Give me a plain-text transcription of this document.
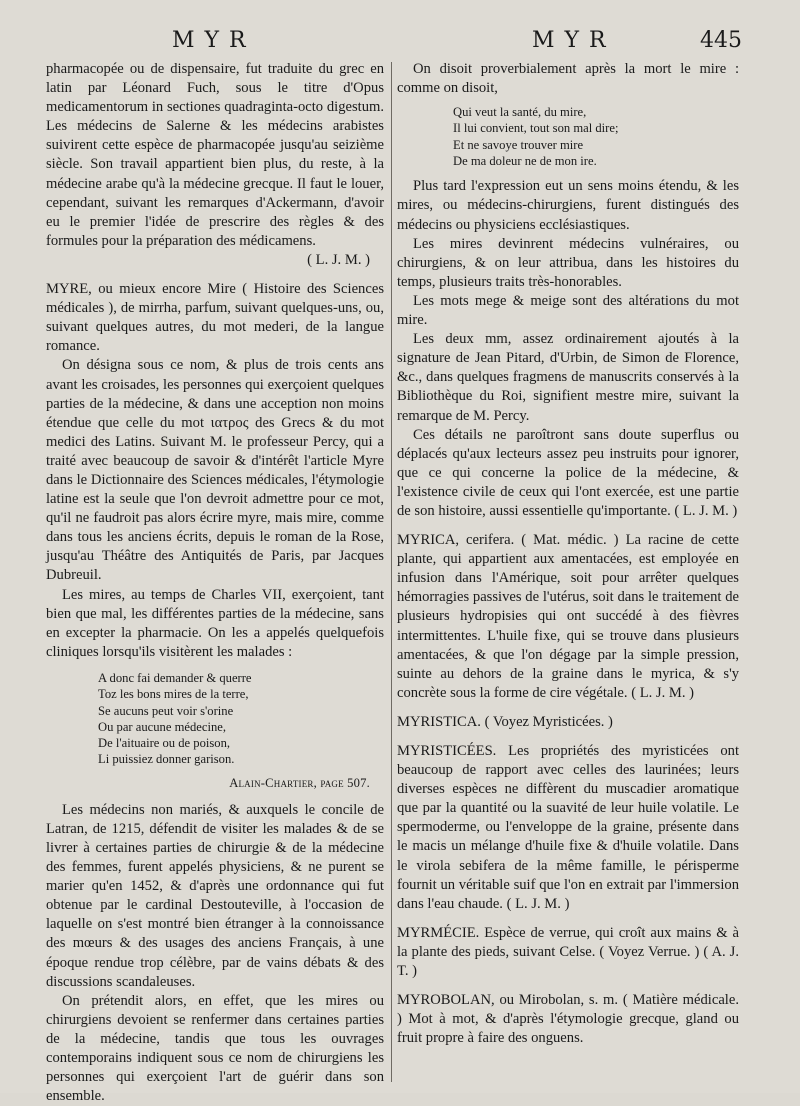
MYR	MYR	445

pharmacopée ou de dispensaire, fut traduite du grec en latin par Léonard Fuch, sous le titre d'Opus medicamentorum in sectiones quadraginta-octo digestum. Les médecins de Salerne & les médecins arabistes suivirent cette espèce de pharmacopée jusqu'au seizième siècle. Son travail appartient bien plus, du reste, à la médecine arabe qu'à la médecine grecque. Il faut le louer, cependant, suivant les remarques d'Ackermann, d'avoir eu le premier l'idée de prescrire des règles & des formules pour la préparation des médicamens.

( L. J. M. )

MYRE, ou mieux encore Mire ( Histoire des Sciences médicales ), de mirrha, parfum, suivant quelques-uns, ou, suivant quelques autres, du mot mederi, de la langue romance.

On désigna sous ce nom, & plus de trois cents ans avant les croisades, les personnes qui exerçoient quelques parties de la médecine, & dans une acception non moins étendue que celle du mot ιατρος des Grecs & du mot medici des Latins. Suivant M. le professeur Percy, qui a traité avec beaucoup de savoir & d'intérêt l'article Myre dans le Dictionnaire des Sciences médicales, l'étymologie latine est la seule que l'on devroit admettre pour ce mot, qu'il ne faudroit pas alors écrire myre, mais mire, comme dans tous les anciens écrits, depuis le roman de la Rose, jusqu'au Théâtre des Antiquités de Paris, par Jacques Dubreuil.

Les mires, au temps de Charles VII, exerçoient, tant bien que mal, les différentes parties de la médecine, sans en excepter la pharmacie. On les a appelés quelquefois cliniques lorsqu'ils visitèrent les malades :

A donc fai demander & querre
Toz les bons mires de la terre,
Se aucuns peut voir s'orine
Ou par aucune médecine,
De l'aituaire ou de poison,
Li puissiez donner garison.
Alain-Chartier, page 507.

Les médecins non mariés, & auxquels le concile de Latran, de 1215, défendit de visiter les malades & de se livrer à certaines parties de chirurgie & de la médecine des femmes, furent appelés physiciens, & ne purent se marier qu'en 1452, & d'après une ordonnance qui fut obtenue par le cardinal Destouteville, à l'occasion de laquelle on s'est montré bien étranger à la connoissance des mœurs & des usages des anciens Français, à une époque rendue trop célèbre, par de vains débats & des discussions scandaleuses.

On prétendit alors, en effet, que les mires ou chirurgiens devoient se renfermer dans certaines parties de la médecine, tandis que tous les ouvrages contemporains indiquent sous ce nom de chirurgiens les personnes qui exerçoient l'art de guérir dans son ensemble.

On disoit proverbialement après la mort le mire : comme on disoit,

Qui veut la santé, du mire,
Il lui convient, tout son mal dire;
Et ne savoye trouver mire
De ma doleur ne de mon ire.

Plus tard l'expression eut un sens moins étendu, & les mires, ou médecins-chirurgiens, furent distingués des médecins ou physiciens ecclésiastiques.

Les mires devinrent médecins vulnéraires, ou chirurgiens, & on leur attribua, dans les histoires du temps, plusieurs traits très-honorables.

Les mots mege & meige sont des altérations du mot mire.

Les deux mm, assez ordinairement ajoutés à la signature de Jean Pitard, d'Urbin, de Simon de Florence, &c., dans quelques fragmens de manuscrits conservés à la Bibliothèque du Roi, signifient mestre mire, suivant la remarque de M. Percy.

Ces détails ne paroîtront sans doute superflus ou déplacés qu'aux lecteurs assez peu instruits pour ignorer, que ce qui concerne la police de la médecine, & l'existence civile de ceux qui l'ont exercée, est une partie de son histoire, aussi essentielle qu'importante. ( L. J. M. )

MYRICA, cerifera. ( Mat. médic. ) La racine de cette plante, qui appartient aux amentacées, est employée en infusion dans l'Amérique, soit pour arrêter quelques hémorragies passives de l'utérus, soit dans le traitement de plusieurs hydropisies qui ont succédé à des fièvres intermittentes. L'huile fixe, qui se trouve dans plusieurs amentacées, & que l'on dégage par la simple pression, suinte au dehors de la graine dans le myrica, & s'y concrète sous la forme de cire végétale. ( L. J. M. )

MYRISTICA. ( Voyez Myristicées. )

MYRISTICÉES. Les propriétés des myristicées ont beaucoup de rapport avec celles des laurinées; leurs diverses espèces ne diffèrent du muscadier aromatique que par la quantité ou la suavité de leur huile volatile. Le spermoderme, ou l'enveloppe de la graine, présente dans le macis un mélange d'huile fixe & d'huile volatile. Dans le virola sebifera de la même famille, le périsperme fournit un véritable suif que l'on en extrait par l'immersion dans l'eau chaude. ( L. J. M. )

MYRMÉCIE. Espèce de verrue, qui croît aux mains & à la plante des pieds, suivant Celse. ( Voyez Verrue. ) ( A. J. T. )

MYROBOLAN, ou Mirobolan, s. m. ( Matière médicale. ) Mot à mot, & d'après l'étymologie grecque, gland ou fruit propre à faire des onguens.
